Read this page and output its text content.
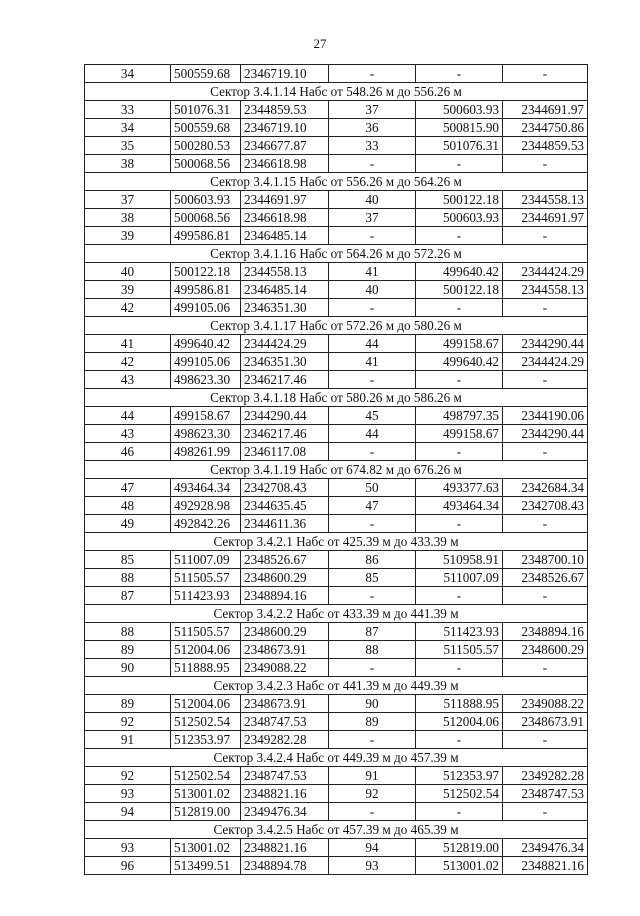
27
34	500559.68	2346719.10	-	-	-
Сектор 3.4.1.14 Набс от 548.26 м до 556.26 м					
33	501076.31	2344859.53	37	500603.93	2344691.97
34	500559.68	2346719.10	36	500815.90	2344750.86
35	500280.53	2346677.87	33	501076.31	2344859.53
38	500068.56	2346618.98	-	-	-
Сектор 3.4.1.15 Набс от 556.26 м до 564.26 м					
37	500603.93	2344691.97	40	500122.18	2344558.13
38	500068.56	2346618.98	37	500603.93	2344691.97
39	499586.81	2346485.14	-	-	-
Сектор 3.4.1.16 Набс от 564.26 м до 572.26 м					
40	500122.18	2344558.13	41	499640.42	2344424.29
39	499586.81	2346485.14	40	500122.18	2344558.13
42	499105.06	2346351.30	-	-	-
Сектор 3.4.1.17 Набс от 572.26 м до 580.26 м					
41	499640.42	2344424.29	44	499158.67	2344290.44
42	499105.06	2346351.30	41	499640.42	2344424.29
43	498623.30	2346217.46	-	-	-
Сектор 3.4.1.18 Набс от 580.26 м до 586.26 м					
44	499158.67	2344290.44	45	498797.35	2344190.06
43	498623.30	2346217.46	44	499158.67	2344290.44
46	498261.99	2346117.08	-	-	-
Сектор 3.4.1.19 Набс от 674.82 м до 676.26 м					
47	493464.34	2342708.43	50	493377.63	2342684.34
48	492928.98	2344635.45	47	493464.34	2342708.43
49	492842.26	2344611.36	-	-	-
Сектор 3.4.2.1 Набс от 425.39 м до 433.39 м					
85	511007.09	2348526.67	86	510958.91	2348700.10
88	511505.57	2348600.29	85	511007.09	2348526.67
87	511423.93	2348894.16	-	-	-
Сектор 3.4.2.2 Набс от 433.39 м до 441.39 м					
88	511505.57	2348600.29	87	511423.93	2348894.16
89	512004.06	2348673.91	88	511505.57	2348600.29
90	511888.95	2349088.22	-	-	-
Сектор 3.4.2.3 Набс от 441.39 м до 449.39 м					
89	512004.06	2348673.91	90	511888.95	2349088.22
92	512502.54	2348747.53	89	512004.06	2348673.91
91	512353.97	2349282.28	-	-	-
Сектор 3.4.2.4 Набс от 449.39 м до 457.39 м					
92	512502.54	2348747.53	91	512353.97	2349282.28
93	513001.02	2348821.16	92	512502.54	2348747.53
94	512819.00	2349476.34	-	-	-
Сектор 3.4.2.5 Набс от 457.39 м до 465.39 м					
93	513001.02	2348821.16	94	512819.00	2349476.34
96	513499.51	2348894.78	93	513001.02	2348821.16
